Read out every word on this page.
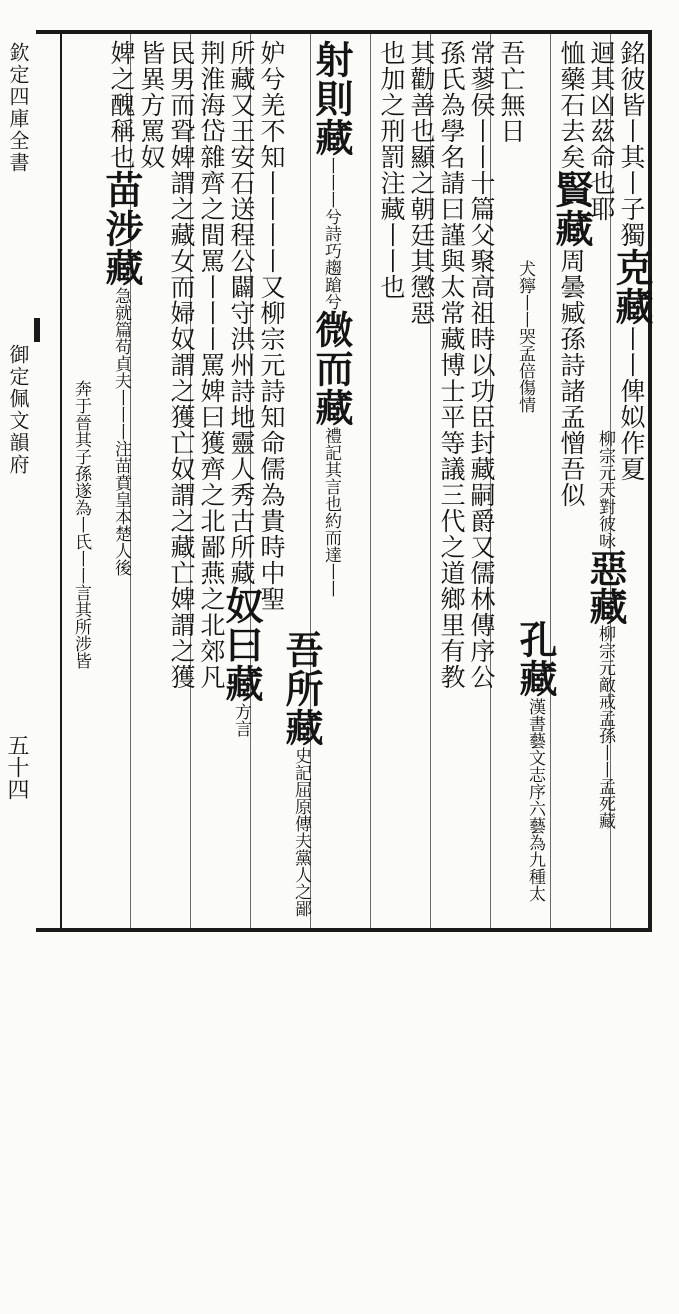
欽定四庫全書
御定佩文韻府
五十四
銘彼皆丨其丨子獨克藏丨丨俾姒作夏
柳宗元天對彼咏惡藏柳宗元敵戒孟孫丨丨孟死藏
迴其凶茲命也耶
恤藥石去矣賢藏周曇臧孫詩諸孟憎吾似
犬獰丨丨哭孟倍傷情
孔藏漢書藝文志序六藝為九種太
吾亡無日
常蓼侯丨丨十篇父聚高祖時以功臣封藏嗣爵又儒林傳序公
孫氏為學名請曰謹與太常藏博士平等議三代之道鄉里有教
其勸善也顯之朝廷其懲惡
也加之刑罰注藏丨丨也
射則藏丨丨丨兮詩巧趨蹌兮微而藏禮記其言也約而達丨丨
吾所藏史記屈原傳夫黨人之鄙
妒兮羌不知丨丨丨丨又柳宗元詩知命儒為貴時中聖
所藏又王安石送程公闢守洪州詩地靈人秀古所藏奴曰藏方言
荆淮海岱雜齊之間罵丨丨丨罵婢曰獲齊之北鄙燕之北郊凡
民男而聓婢謂之藏女而婦奴謂之獲亡奴謂之藏亡婢謂之獲
皆異方罵奴
婢之醜稱也苗涉藏急就篇苟貞夫丨丨丨注苗賁皇本楚人後
奔于晉其子孫遂為丨氏丨丨言其所涉皆
